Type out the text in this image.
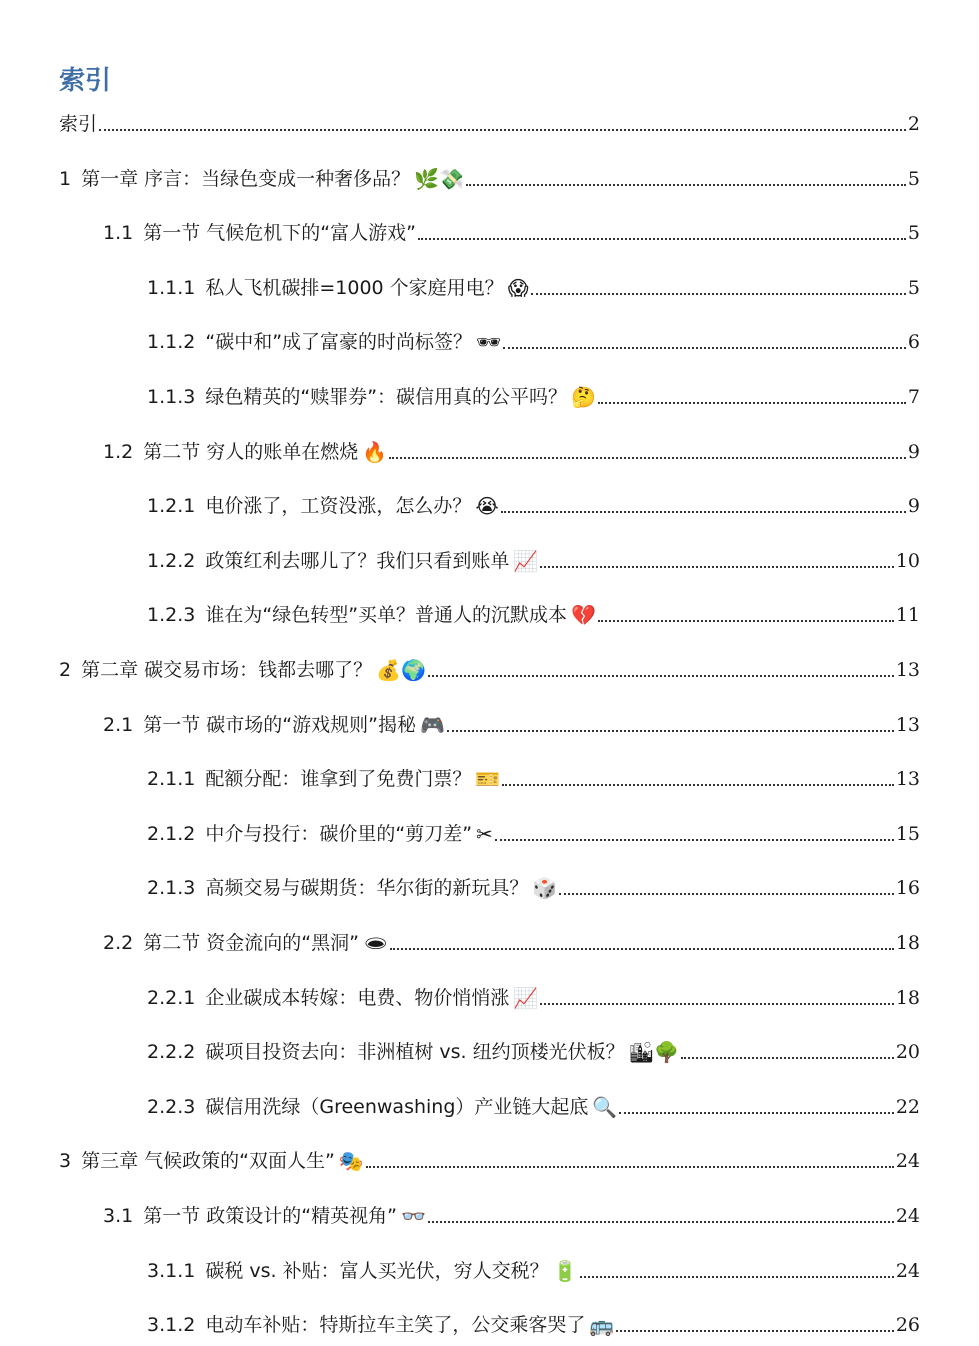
索引
索引	2
1 第一章 序言：当绿色变成一种奢侈品？ 🌿💸	5
1.1 第一节 气候危机下的“富人游戏”	5
1.1.1 私人飞机碳排=1000 个家庭用电？ 😱	5
1.1.2 “碳中和”成了富豪的时尚标签？ 🕶	6
1.1.3 绿色精英的“赎罪券”：碳信用真的公平吗？ 🤔	7
1.2 第二节 穷人的账单在燃烧 🔥	9
1.2.1 电价涨了，工资没涨，怎么办？ 😭	9
1.2.2 政策红利去哪儿了？我们只看到账单 📈	10
1.2.3 谁在为“绿色转型”买单？普通人的沉默成本 💔	11
2 第二章 碳交易市场：钱都去哪了？ 💰🌍	13
2.1 第一节 碳市场的“游戏规则”揭秘 🎮	13
2.1.1 配额分配：谁拿到了免费门票？ 🎫	13
2.1.2 中介与投行：碳价里的“剪刀差” ✂	15
2.1.3 高频交易与碳期货：华尔街的新玩具？ 🎲	16
2.2 第二节 资金流向的“黑洞” 🕳	18
2.2.1 企业碳成本转嫁：电费、物价悄悄涨 📈	18
2.2.2 碳项目投资去向：非洲植树 vs. 纽约顶楼光伏板？ 🏙🌳	20
2.2.3 碳信用洗绿（Greenwashing）产业链大起底 🔍	22
3 第三章 气候政策的“双面人生” 🎭	24
3.1 第一节 政策设计的“精英视角” 👓	24
3.1.1 碳税 vs. 补贴：富人买光伏，穷人交税？ 🔋	24
3.1.2 电动车补贴：特斯拉车主笑了，公交乘客哭了 🚌	26
